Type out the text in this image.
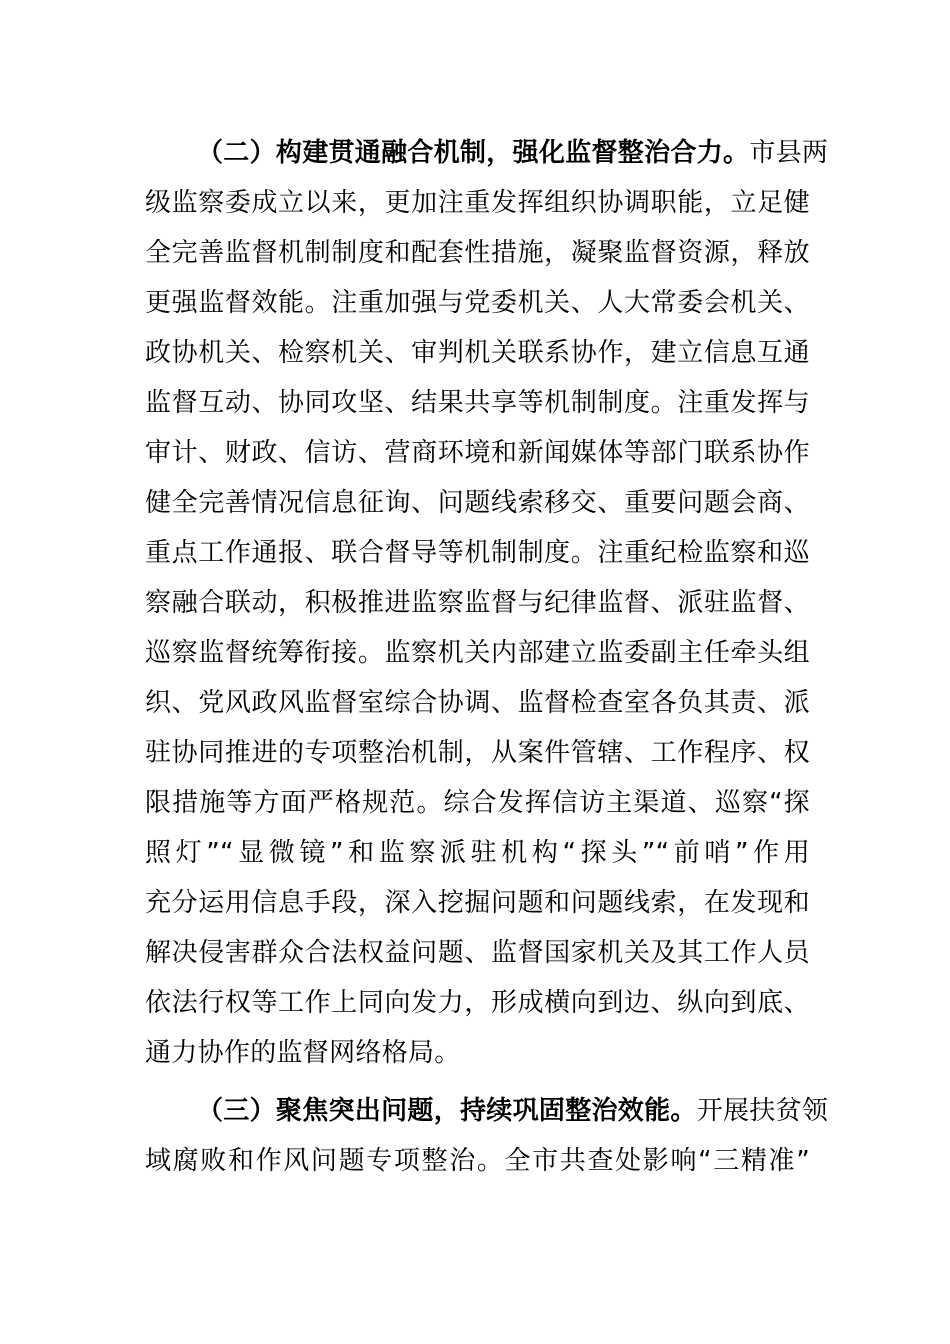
（二）构建贯通融合机制，强化监督整治合力。市县两
级监察委成立以来，更加注重发挥组织协调职能，立足健
全完善监督机制制度和配套性措施，凝聚监督资源，释放
更强监督效能。注重加强与党委机关、人大常委会机关、
政协机关、检察机关、审判机关联系协作，建立信息互通
监督互动、协同攻坚、结果共享等机制制度。注重发挥与
审计、财政、信访、营商环境和新闻媒体等部门联系协作
健全完善情况信息征询、问题线索移交、重要问题会商、
重点工作通报、联合督导等机制制度。注重纪检监察和巡
察融合联动，积极推进监察监督与纪律监督、派驻监督、
巡察监督统筹衔接。监察机关内部建立监委副主任牵头组
织、党风政风监督室综合协调、监督检查室各负其责、派
驻协同推进的专项整治机制，从案件管辖、工作程序、权
限措施等方面严格规范。综合发挥信访主渠道、巡察“探
照灯”“显微镜”和监察派驻机构“探头”“前哨”作用
充分运用信息手段，深入挖掘问题和问题线索，在发现和
解决侵害群众合法权益问题、监督国家机关及其工作人员
依法行权等工作上同向发力，形成横向到边、纵向到底、
通力协作的监督网络格局。
（三）聚焦突出问题，持续巩固整治效能。开展扶贫领
域腐败和作风问题专项整治。全市共查处影响“三精准”
